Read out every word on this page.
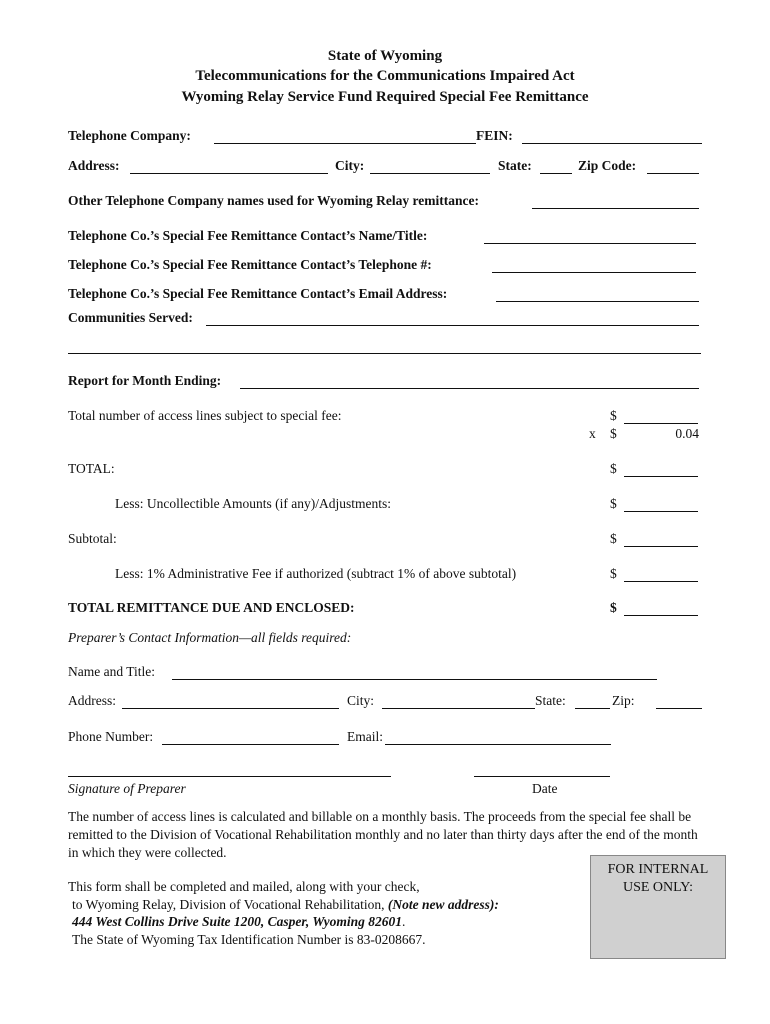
State of Wyoming
Telecommunications for the Communications Impaired Act
Wyoming Relay Service Fund Required Special Fee Remittance
Telephone Company:	FEIN:
Address:	City:	State:	Zip Code:
Other Telephone Company names used for Wyoming Relay remittance:
Telephone Co.’s Special Fee Remittance Contact’s Name/Title:
Telephone Co.’s Special Fee Remittance Contact’s Telephone #:
Telephone Co.’s Special Fee Remittance Contact’s Email Address:
Communities Served:
Report for Month Ending:
Total number of access lines subject to special fee:	$
x $	0.04
TOTAL:	$
Less: Uncollectible Amounts (if any)/Adjustments:	$
Subtotal:	$
Less: 1% Administrative Fee if authorized (subtract 1% of above subtotal)	$
TOTAL REMITTANCE DUE AND ENCLOSED:	$
Preparer’s Contact Information—all fields required:
Name and Title:
Address:	City:	State:	Zip:
Phone Number:	Email:
Signature of Preparer	Date
The number of access lines is calculated and billable on a monthly basis. The proceeds from the special fee shall be remitted to the Division of Vocational Rehabilitation monthly and no later than thirty days after the end of the month in which they were collected.
This form shall be completed and mailed, along with your check,
to Wyoming Relay, Division of Vocational Rehabilitation, (Note new address):
444 West Collins Drive Suite 1200, Casper, Wyoming 82601.
The State of Wyoming Tax Identification Number is 83-0208667.
FOR INTERNAL USE ONLY:
